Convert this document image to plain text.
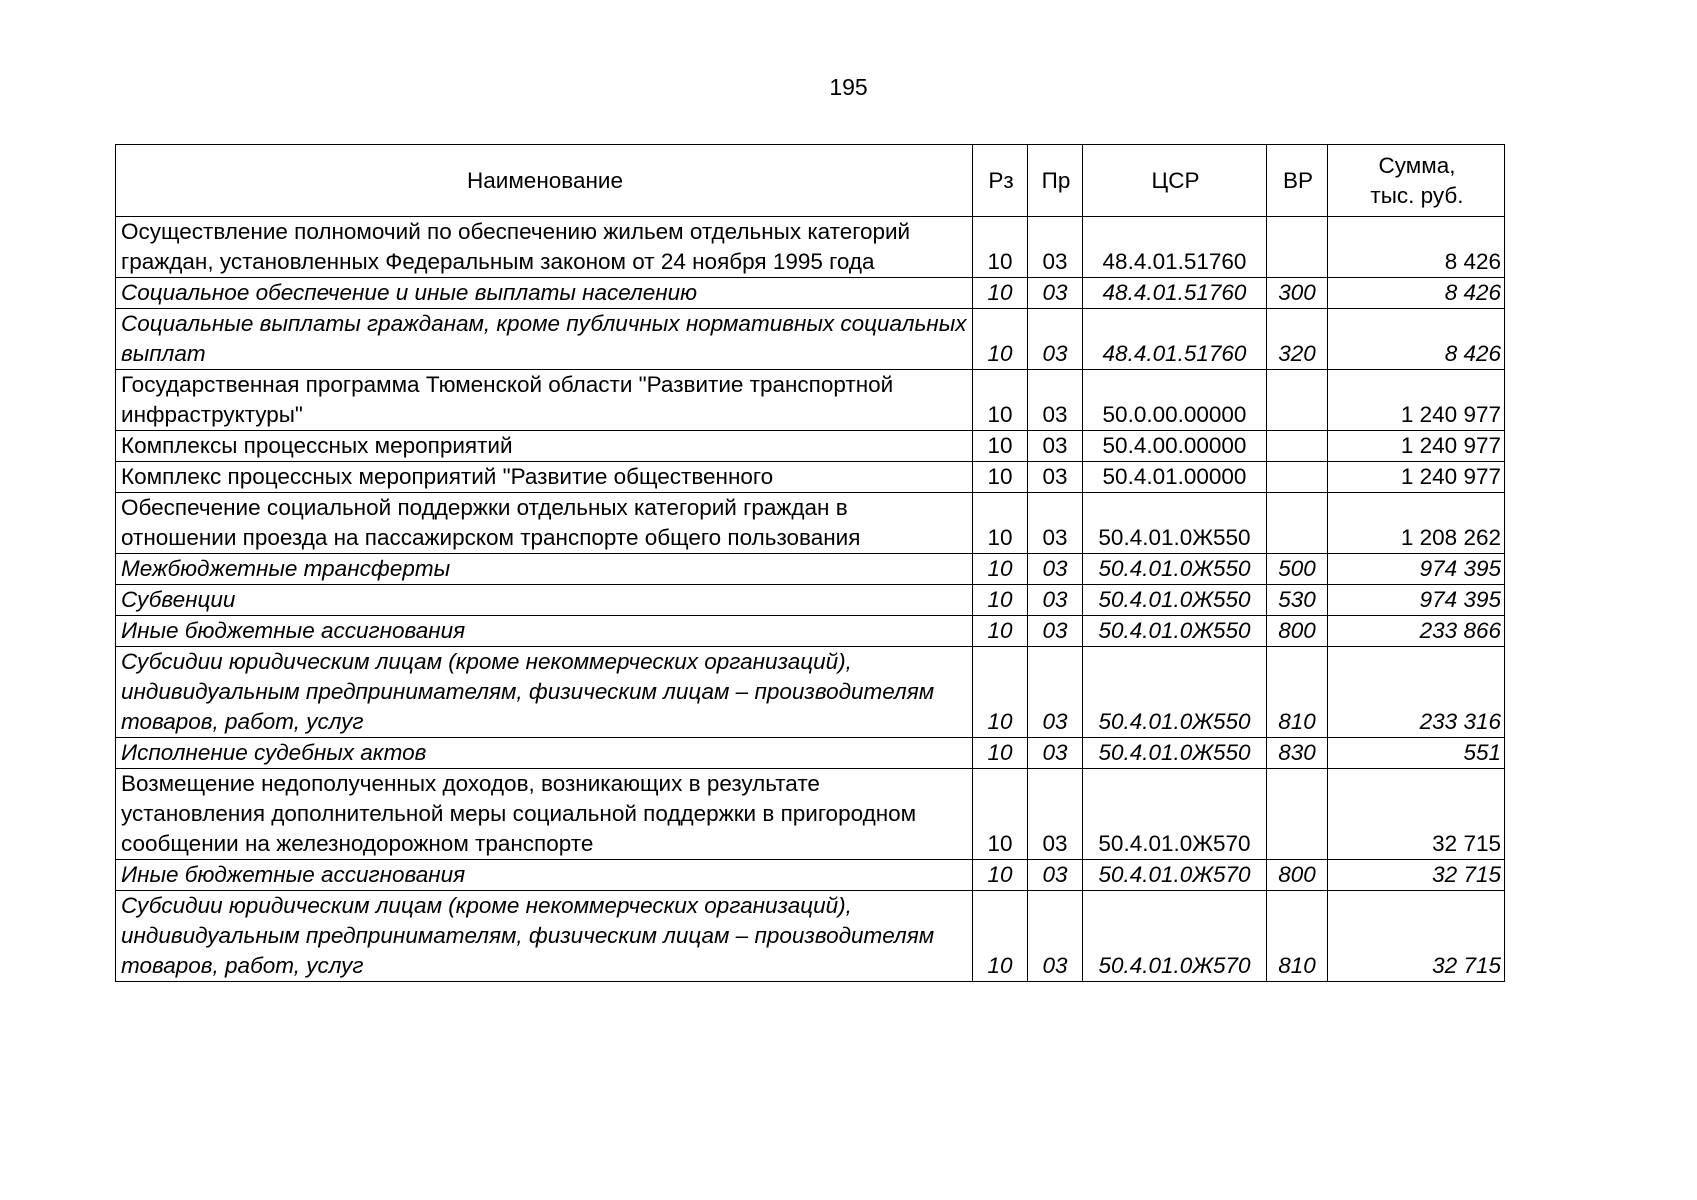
195
Наименование	Рз	Пр	ЦСР	ВР	Сумма,
тыс. руб.
Осуществление полномочий по обеспечению жильем отдельных категорий граждан, установленных Федеральным законом от 24 ноября 1995 года	10	03	48.4.01.51760		8 426
Социальное обеспечение и иные выплаты населению	10	03	48.4.01.51760	300	8 426
Социальные выплаты гражданам, кроме публичных нормативных социальных выплат	10	03	48.4.01.51760	320	8 426
Государственная программа Тюменской области "Развитие транспортной инфраструктуры"	10	03	50.0.00.00000		1 240 977
Комплексы процессных мероприятий	10	03	50.4.00.00000		1 240 977
Комплекс процессных мероприятий "Развитие общественного	10	03	50.4.01.00000		1 240 977
Обеспечение социальной поддержки отдельных категорий граждан в отношении проезда на пассажирском транспорте общего пользования	10	03	50.4.01.0Ж550		1 208 262
Межбюджетные трансферты	10	03	50.4.01.0Ж550	500	974 395
Субвенции	10	03	50.4.01.0Ж550	530	974 395
Иные бюджетные ассигнования	10	03	50.4.01.0Ж550	800	233 866
Субсидии юридическим лицам (кроме некоммерческих организаций), индивидуальным предпринимателям, физическим лицам – производителям товаров, работ, услуг	10	03	50.4.01.0Ж550	810	233 316
Исполнение судебных актов	10	03	50.4.01.0Ж550	830	551
Возмещение недополученных доходов, возникающих в результате установления дополнительной меры социальной поддержки в пригородном сообщении на железнодорожном транспорте	10	03	50.4.01.0Ж570		32 715
Иные бюджетные ассигнования	10	03	50.4.01.0Ж570	800	32 715
Субсидии юридическим лицам (кроме некоммерческих организаций), индивидуальным предпринимателям, физическим лицам – производителям товаров, работ, услуг	10	03	50.4.01.0Ж570	810	32 715
